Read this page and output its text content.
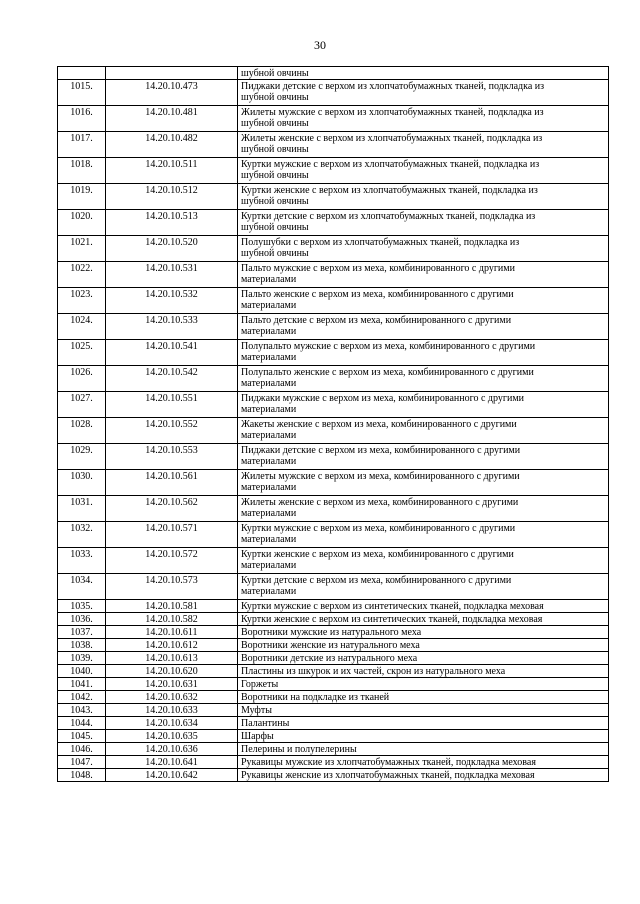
30
		шубной овчины
1015.	14.20.10.473	Пиджаки детские с верхом из хлопчатобумажных тканей, подкладка из
шубной овчины
1016.	14.20.10.481	Жилеты мужские с верхом из хлопчатобумажных тканей, подкладка из
шубной овчины
1017.	14.20.10.482	Жилеты женские с верхом из хлопчатобумажных тканей, подкладка из
шубной овчины
1018.	14.20.10.511	Куртки мужские с верхом из хлопчатобумажных тканей, подкладка из
шубной овчины
1019.	14.20.10.512	Куртки женские с верхом из хлопчатобумажных тканей, подкладка из
шубной овчины
1020.	14.20.10.513	Куртки детские с верхом из хлопчатобумажных тканей, подкладка из
шубной овчины
1021.	14.20.10.520	Полушубки с верхом из хлопчатобумажных тканей, подкладка из
шубной овчины
1022.	14.20.10.531	Пальто мужские с верхом из меха, комбинированного с другими
материалами
1023.	14.20.10.532	Пальто женские с верхом из меха, комбинированного с другими
материалами
1024.	14.20.10.533	Пальто детские с верхом из меха, комбинированного с другими
материалами
1025.	14.20.10.541	Полупальто мужские с верхом из меха, комбинированного с другими
материалами
1026.	14.20.10.542	Полупальто женские с верхом из меха, комбинированного с другими
материалами
1027.	14.20.10.551	Пиджаки мужские с верхом из меха, комбинированного с другими
материалами
1028.	14.20.10.552	Жакеты женские с верхом из меха, комбинированного с другими
материалами
1029.	14.20.10.553	Пиджаки детские с верхом из меха, комбинированного с другими
материалами
1030.	14.20.10.561	Жилеты мужские с верхом из меха, комбинированного с другими
материалами
1031.	14.20.10.562	Жилеты женские с верхом из меха, комбинированного с другими
материалами
1032.	14.20.10.571	Куртки мужские с верхом из меха, комбинированного с другими
материалами
1033.	14.20.10.572	Куртки женские с верхом из меха, комбинированного с другими
материалами
1034.	14.20.10.573	Куртки детские с верхом из меха, комбинированного с другими
материалами
1035.	14.20.10.581	Куртки мужские с верхом из синтетических тканей, подкладка меховая
1036.	14.20.10.582	Куртки женские с верхом из синтетических тканей, подкладка меховая
1037.	14.20.10.611	Воротники мужские из натурального меха
1038.	14.20.10.612	Воротники женские из натурального меха
1039.	14.20.10.613	Воротники детские из натурального меха
1040.	14.20.10.620	Пластины из шкурок и их частей, скрон из натурального меха
1041.	14.20.10.631	Горжеты
1042.	14.20.10.632	Воротники на подкладке из тканей
1043.	14.20.10.633	Муфты
1044.	14.20.10.634	Палантины
1045.	14.20.10.635	Шарфы
1046.	14.20.10.636	Пелерины и полупелерины
1047.	14.20.10.641	Рукавицы мужские из хлопчатобумажных тканей, подкладка меховая
1048.	14.20.10.642	Рукавицы женские из хлопчатобумажных тканей, подкладка меховая
